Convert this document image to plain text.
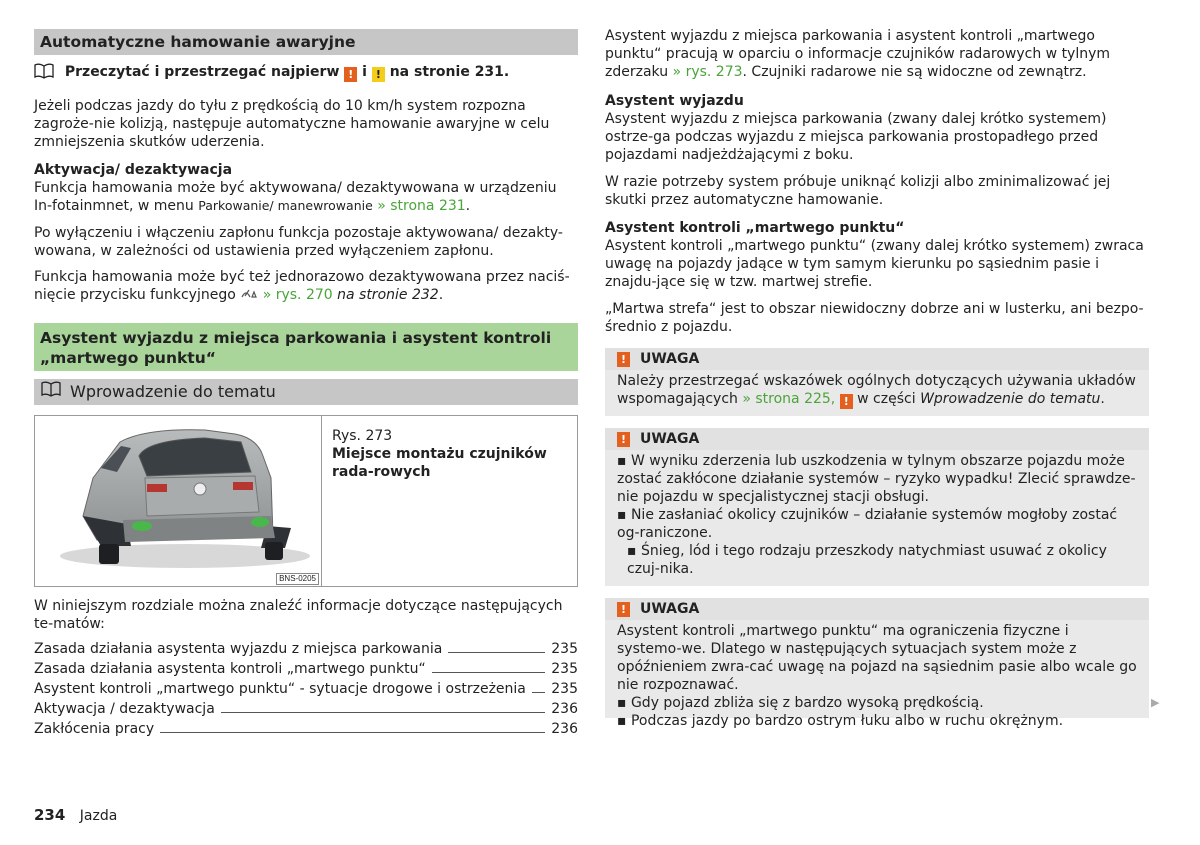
Automatyczne hamowanie awaryjne
Przeczytać i przestrzegać najpierw ! i ! na stronie 231.

Jeżeli podczas jazdy do tyłu z prędkością do 10 km/h system rozpozna zagroże-nie kolizją, następuje automatyczne hamowanie awaryjne w celu zmniejszenia skutków uderzenia.

Aktywacja/ dezaktywacja

Funkcja hamowania może być aktywowana/ dezaktywowana w urządzeniu In-fotainmnet, w menu Parkowanie/ manewrowanie » strona 231.

Po wyłączeniu i włączeniu zapłonu funkcja pozostaje aktywowana/ dezakty-wowana, w zależności od ustawienia przed wyłączeniem zapłonu.

Funkcja hamowania może być też jednorazowo dezaktywowana przez naciś-nięcie przycisku funkcyjnego » rys. 270 na stronie 232.

Asystent wyjazdu z miejsca parkowania i asystent kontroli „martwego punktu“
Wprowadzenie do tematu
BNS-0205
Rys. 273
Miejsce montażu czujników rada-rowych

W niniejszym rozdziale można znaleźć informacje dotyczące następujących te-matów:

Zasada działania asystenta wyjazdu z miejsca parkowania	235
Zasada działania asystenta kontroli „martwego punktu“	235
Asystent kontroli „martwego punktu“ - sytuacje drogowe i ostrzeżenia 235
Aktywacja / dezaktywacja	236
Zakłócenia pracy	236
234 Jazda

Asystent wyjazdu z miejsca parkowania i asystent kontroli „martwego punktu“ pracują w oparciu o informacje czujników radarowych w tylnym zderzaku » rys. 273. Czujniki radarowe nie są widoczne od zewnątrz.

Asystent wyjazdu

Asystent wyjazdu z miejsca parkowania (zwany dalej krótko systemem) ostrze-ga podczas wyjazdu z miejsca parkowania prostopadłego przed pojazdami nadjeżdżającymi z boku.

W razie potrzeby system próbuje uniknąć kolizji albo zminimalizować jej skutki przez automatyczne hamowanie.

Asystent kontroli „martwego punktu“

Asystent kontroli „martwego punktu“ (zwany dalej krótko systemem) zwraca uwagę na pojazdy jadące w tym samym kierunku po sąsiednim pasie i znajdu-jące się w tzw. martwej strefie.

„Martwa strefa“ jest to obszar niewidoczny dobrze ani w lusterku, ani bezpo-średnio z pojazdu.

! UWAGA
Należy przestrzegać wskazówek ogólnych dotyczących używania układów wspomagających » strona 225, ! w części Wprowadzenie do tematu.
! UWAGA
▪ W wyniku zderzenia lub uszkodzenia w tylnym obszarze pojazdu może zostać zakłócone działanie systemów – ryzyko wypadku! Zlecić sprawdze-nie pojazdu w specjalistycznej stacji obsługi.
▪ Nie zasłaniać okolicy czujników – działanie systemów mogłoby zostać og-raniczone.
▪ Śnieg, lód i tego rodzaju przeszkody natychmiast usuwać z okolicy czuj-nika.
! UWAGA
Asystent kontroli „martwego punktu“ ma ograniczenia fizyczne i systemo-we. Dlatego w następujących sytuacjach system może z opóźnieniem zwra-cać uwagę na pojazd na sąsiednim pasie albo wcale go nie rozpoznawać.
▪ Gdy pojazd zbliża się z bardzo wysoką prędkością.
▪ Podczas jazdy po bardzo ostrym łuku albo w ruchu okrężnym.
▶
